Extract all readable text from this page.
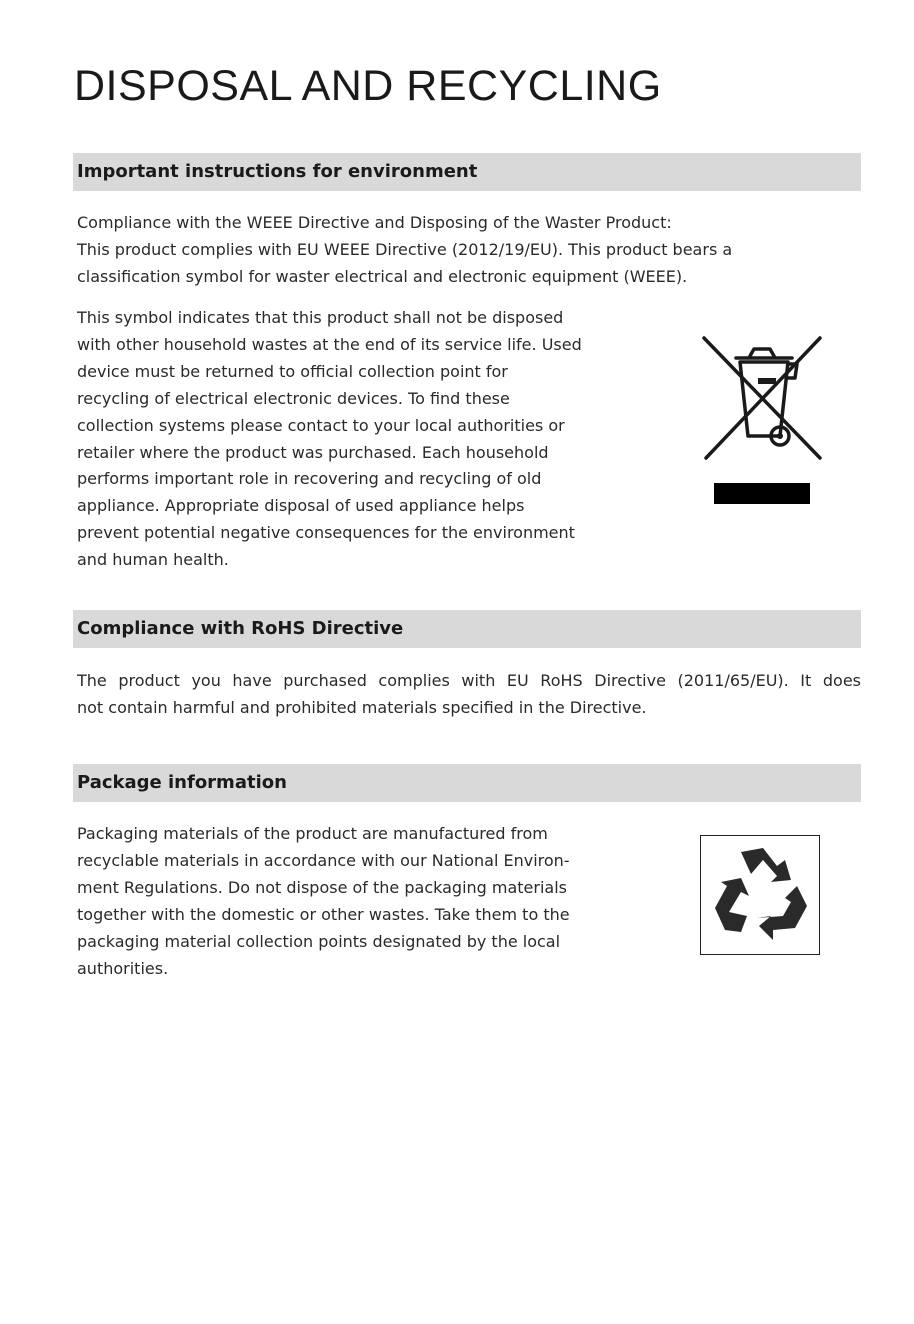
DISPOSAL AND RECYCLING
Important instructions for environment

Compliance with the WEEE Directive and Disposing of the Waster Product:
This product complies with EU WEEE Directive (2012/19/EU). This product bears a
classification symbol for waster electrical and electronic equipment (WEEE).

This symbol indicates that this product shall not be disposed
with other household wastes at the end of its service life. Used
device must be returned to official collection point for
recycling of electrical electronic devices. To find these
collection systems please contact to your local authorities or
retailer where the product was purchased. Each household
performs important role in recovering and recycling of old
appliance. Appropriate disposal of used appliance helps
prevent potential negative consequences for the environment
and human health.

Compliance with RoHS Directive

The product you have purchased complies with EU RoHS Directive (2011/65/EU). It does
not contain harmful and prohibited materials specified in the Directive.

Package information

Packaging materials of the product are manufactured from
recyclable materials in accordance with our National Environ-
ment Regulations. Do not dispose of the packaging materials
together with the domestic or other wastes. Take them to the
packaging material collection points designated by the local
authorities.
